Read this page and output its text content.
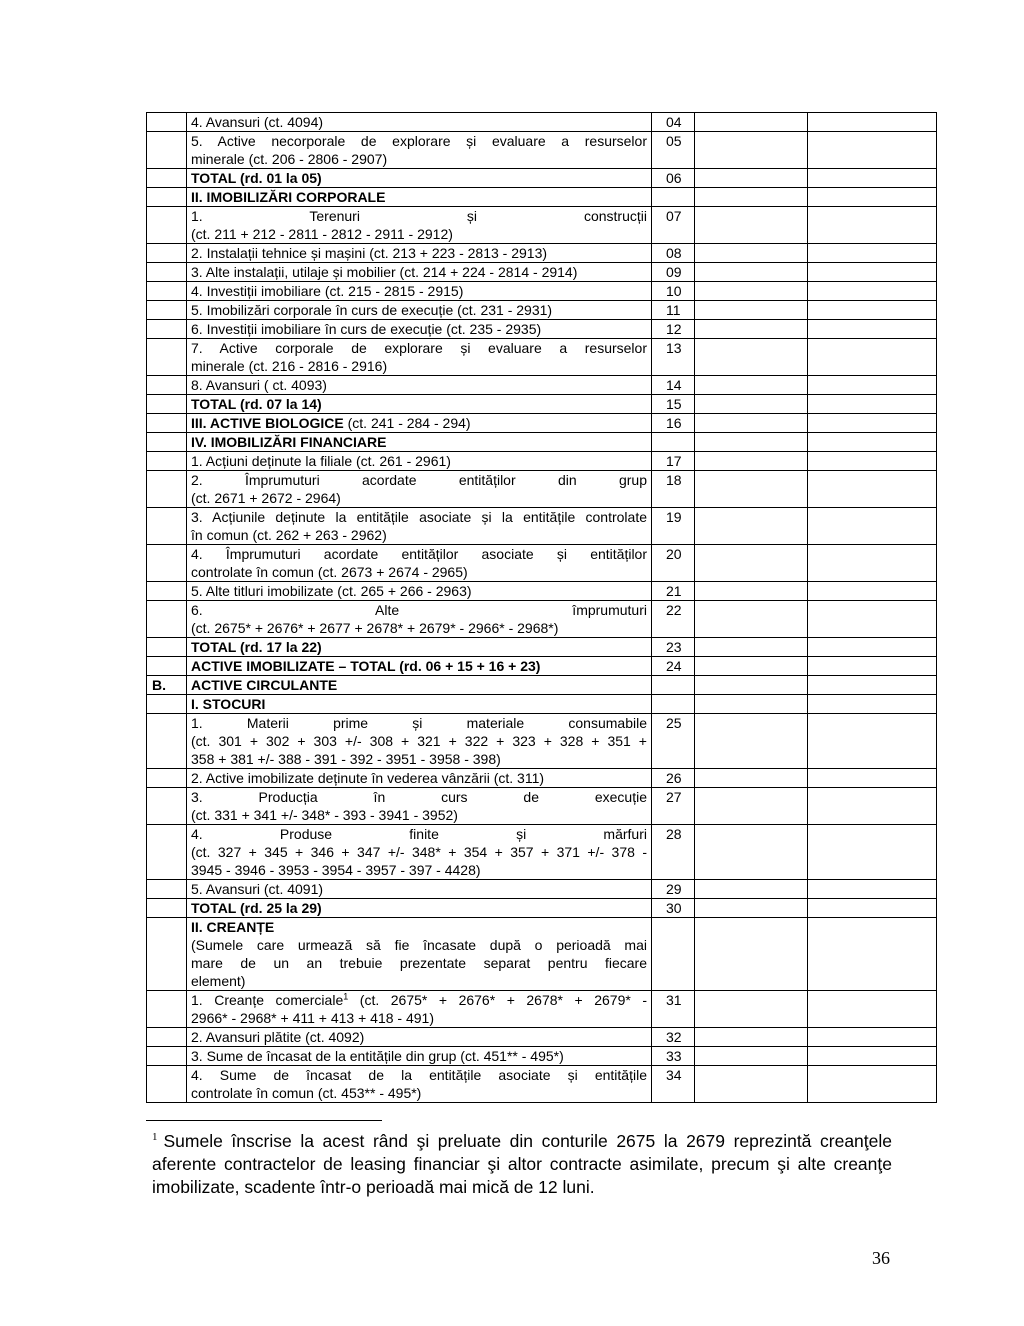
	4. Avansuri (ct. 4094)	04		

	5. Active necorporale de explorare și evaluare a resurselor
minerale (ct. 206 - 2806 - 2907)	05		

	TOTAL (rd. 01 la 05)	06		

	II. IMOBILIZĂRI CORPORALE			

	1. Terenuri și construcții
(ct. 211 + 212 - 2811 - 2812 - 2911 - 2912)	07		

	2. Instalații tehnice și mașini (ct. 213 + 223 - 2813 - 2913)	08		

	3. Alte instalații, utilaje și mobilier (ct. 214 + 224 - 2814 - 2914)	09		

	4. Investiții imobiliare (ct. 215 - 2815 - 2915)	10		

	5. Imobilizări corporale în curs de execuție (ct. 231 - 2931)	11		

	6. Investiții imobiliare în curs de execuție (ct. 235 - 2935)	12		

	7. Active corporale de explorare și evaluare a resurselor
minerale (ct. 216 - 2816 - 2916)	13		

	8. Avansuri ( ct. 4093)	14		

	TOTAL (rd. 07 la 14)	15		

	III. ACTIVE BIOLOGICE (ct. 241 - 284 - 294)	16		

	IV. IMOBILIZĂRI FINANCIARE			

	1. Acțiuni deținute la filiale (ct. 261 - 2961)	17		

	2. Împrumuturi acordate entităților din grup
(ct. 2671 + 2672 - 2964)	18		

	3. Acțiunile deținute la entitățile asociate și la entitățile controlate
în comun (ct. 262 + 263 - 2962)	19		

	4. Împrumuturi acordate entităților asociate și entităților
controlate în comun (ct. 2673 + 2674 - 2965)	20		

	5. Alte titluri imobilizate (ct. 265 + 266 - 2963)	21		

	6. Alte împrumuturi
(ct. 2675* + 2676* + 2677 + 2678* + 2679* - 2966* - 2968*)	22		

	TOTAL (rd. 17 la 22)	23		

	ACTIVE IMOBILIZATE – TOTAL (rd. 06 + 15 + 16 + 23)	24		
B.	ACTIVE CIRCULANTE			

	I. STOCURI			

	1. Materii prime și materiale consumabile
(ct. 301 + 302 + 303 +/- 308 + 321 + 322 + 323 + 328 + 351 +
358 + 381 +/- 388 - 391 - 392 - 3951 - 3958 - 398)	25		

	2. Active imobilizate deținute în vederea vânzării (ct. 311)	26		

	3. Producția în curs de execuție
(ct. 331 + 341 +/- 348* - 393 - 3941 - 3952)	27		

	4. Produse finite și mărfuri
(ct. 327 + 345 + 346 + 347 +/- 348* + 354 + 357 + 371 +/- 378 -
3945 - 3946 - 3953 - 3954 - 3957 - 397 - 4428)	28		

	5. Avansuri (ct. 4091)	29		

	TOTAL (rd. 25 la 29)	30		

	II. CREANȚE
(Sumele care urmează să fie încasate după o perioadă mai
mare de un an trebuie prezentate separat pentru fiecare
element)			

	1. Creanțe comerciale$^1$ (ct. 2675* + 2676* + 2678* + 2679* -
2966* - 2968* + 411 + 413 + 418 - 491)	31		

	2. Avansuri plătite (ct. 4092)	32		

	3. Sume de încasat de la entitățile din grup (ct. 451** - 495*)	33		

	4. Sume de încasat de la entitățile asociate și entitățile
controlate în comun (ct. 453** - 495*)	34		
$^1$ Sumele înscrise la acest rând şi preluate din conturile 2675 la 2679 reprezintă creanţele aferente contractelor de leasing financiar şi altor contracte asimilate, precum şi alte creanţe imobilizate, scadente într-o perioadă mai mică de 12 luni.
36
